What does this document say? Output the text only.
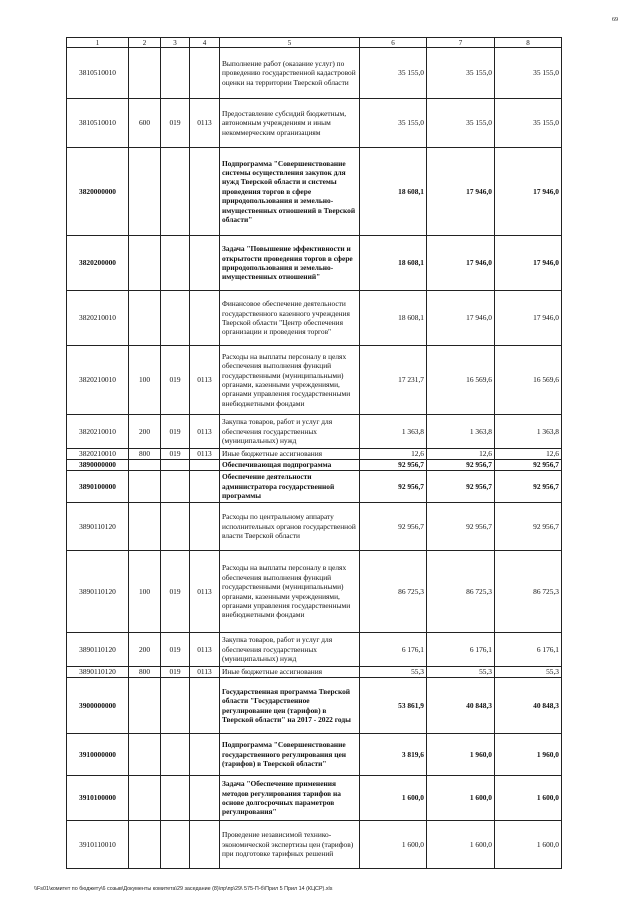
69
1	2	3	4	5	6	7	8
3810510010				Выполнение работ (оказание услуг) по проведению государственной кадастровой оценки на территории Тверской области	35 155,0	35 155,0	35 155,0
3810510010	600	019	0113	Предоставление субсидий бюджетным, автономным учреждениям и иным некоммерческим организациям	35 155,0	35 155,0	35 155,0
3820000000				Подпрограмма "Совершенствование системы осуществления закупок для нужд Тверской области и системы проведения торгов в сфере природопользования и земельно-имущественных отношений в Тверской области"	18 608,1	17 946,0	17 946,0
3820200000				Задача "Повышение эффективности и открытости проведения торгов в сфере природопользования и земельно-имущественных отношений"	18 608,1	17 946,0	17 946,0
3820210010				Финансовое обеспечение деятельности государственного казенного учреждения Тверской области "Центр обеспечения организации и проведения торгов"	18 608,1	17 946,0	17 946,0
3820210010	100	019	0113	Расходы на выплаты персоналу в целях обеспечения выполнения функций государственными (муниципальными) органами, казенными учреждениями, органами управления государственными внебюджетными фондами	17 231,7	16 569,6	16 569,6
3820210010	200	019	0113	Закупка товаров, работ и услуг для обеспечения государственных (муниципальных) нужд	1 363,8	1 363,8	1 363,8
3820210010	800	019	0113	Иные бюджетные ассигнования	12,6	12,6	12,6
3890000000				Обеспечивающая подпрограмма	92 956,7	92 956,7	92 956,7
3890100000				Обеспечение деятельности администратора государственной программы	92 956,7	92 956,7	92 956,7
3890110120				Расходы по центральному аппарату исполнительных органов государственной власти Тверской области	92 956,7	92 956,7	92 956,7
3890110120	100	019	0113	Расходы на выплаты персоналу в целях обеспечения выполнения функций государственными (муниципальными) органами, казенными учреждениями, органами управления государственными внебюджетными фондами	86 725,3	86 725,3	86 725,3
3890110120	200	019	0113	Закупка товаров, работ и услуг для обеспечения государственных (муниципальных) нужд	6 176,1	6 176,1	6 176,1
3890110120	800	019	0113	Иные бюджетные ассигнования	55,3	55,3	55,3
3900000000				Государственная программа Тверской области "Государственное регулирование цен (тарифов) в Тверской области" на 2017 - 2022 годы	53 861,9	40 848,3	40 848,3
3910000000				Подпрограмма "Совершенствование государственного регулирования цен (тарифов) в Тверской области"	3 819,6	1 960,0	1 960,0
3910100000				Задача "Обеспечение применения методов регулирования тарифов на основе долгосрочных параметров регулирования"	1 600,0	1 600,0	1 600,0
3910110010				Проведение независимой технико-экономической экспертизы цен (тарифов) при подготовке тарифных решений	1 600,0	1 600,0	1 600,0
\\Fs01\комитет по бюджету\6 созыв\Документы комитета\29 заседание (8)\пр\пр\29\ 575-П-б\Прил 5 Прил 14 (КЦСР).xls
